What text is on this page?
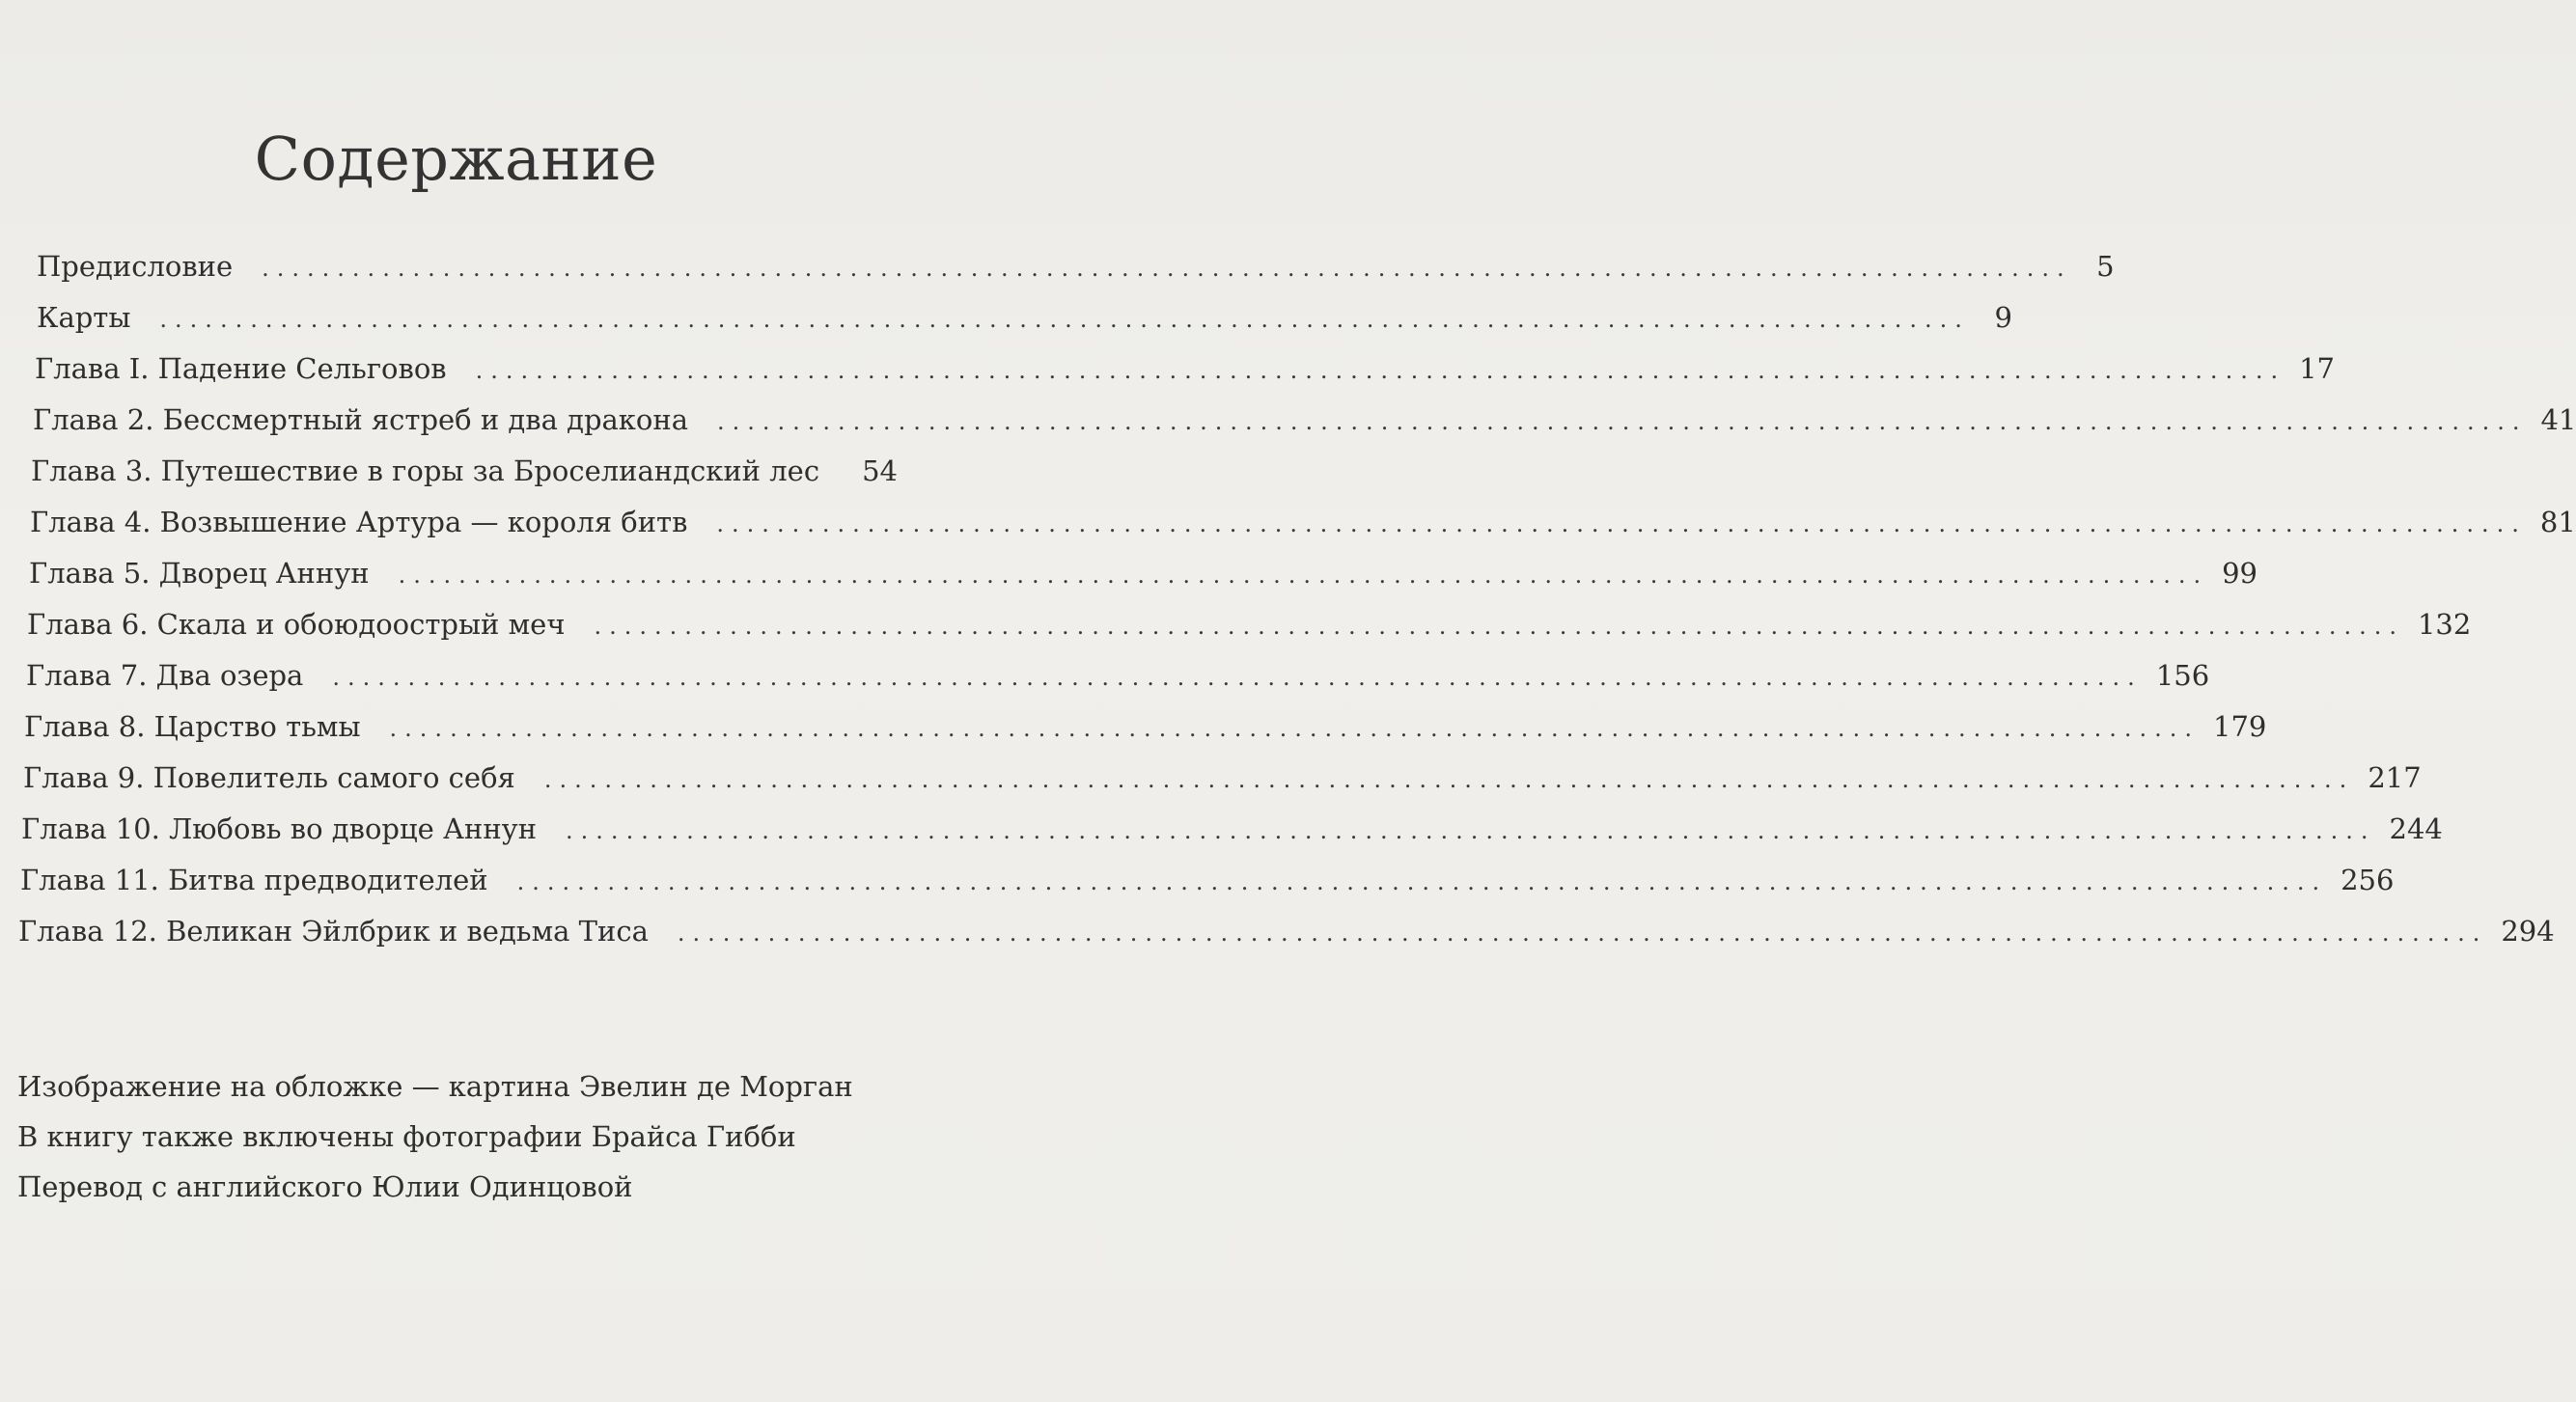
Содержание
Предисловие ........................................................................................................................ 5
Карты ........................................................................................................................ 9
Глава I. Падение Сельговов ........................................................................................................................ 17
Глава 2. Бессмертный ястреб и два дракона ........................................................................................................................ 41
Глава 3. Путешествие в горы за Броселиандский лес 54
Глава 4. Возвышение Артура — короля битв ........................................................................................................................ 81
Глава 5. Дворец Аннун ........................................................................................................................ 99
Глава 6. Скала и обоюдоострый меч ........................................................................................................................ 132
Глава 7. Два озера ........................................................................................................................ 156
Глава 8. Царство тьмы ........................................................................................................................ 179
Глава 9. Повелитель самого себя ........................................................................................................................ 217
Глава 10. Любовь во дворце Аннун ........................................................................................................................ 244
Глава 11. Битва предводителей ........................................................................................................................ 256
Глава 12. Великан Эйлбрик и ведьма Тиса ........................................................................................................................ 294
Изображение на обложке — картина Эвелин де Морган
В книгу также включены фотографии Брайса Гибби
Перевод с английского Юлии Одинцовой
